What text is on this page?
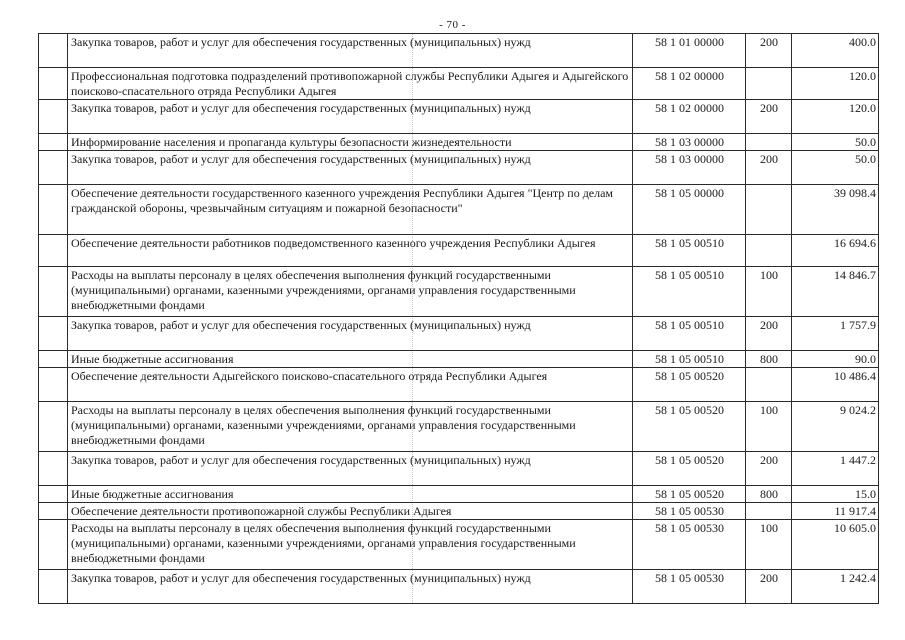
- 70 -
	Закупка товаров, работ и услуг для обеспечения государственных (муниципальных) нужд	58 1 01 00000	200	400.0
	Профессиональная подготовка подразделений противопожарной службы Республики Адыгея и Адыгейского поисково-спасательного отряда Республики Адыгея	58 1 02 00000		120.0
	Закупка товаров, работ и услуг для обеспечения государственных (муниципальных) нужд	58 1 02 00000	200	120.0
	Информирование населения и пропаганда культуры безопасности жизнедеятельности	58 1 03 00000		50.0
	Закупка товаров, работ и услуг для обеспечения государственных (муниципальных) нужд	58 1 03 00000	200	50.0
	Обеспечение деятельности государственного казенного учреждения Республики Адыгея "Центр по делам гражданской обороны, чрезвычайным ситуациям и пожарной безопасности"	58 1 05 00000		39 098.4
	Обеспечение деятельности работников подведомственного казенного учреждения Республики Адыгея	58 1 05 00510		16 694.6
	Расходы на выплаты персоналу в целях обеспечения выполнения функций государственными (муниципальными) органами, казенными учреждениями, органами управления государственными внебюджетными фондами	58 1 05 00510	100	14 846.7
	Закупка товаров, работ и услуг для обеспечения государственных (муниципальных) нужд	58 1 05 00510	200	1 757.9
	Иные бюджетные ассигнования	58 1 05 00510	800	90.0
	Обеспечение деятельности Адыгейского поисково-спасательного отряда Республики Адыгея	58 1 05 00520		10 486.4
	Расходы на выплаты персоналу в целях обеспечения выполнения функций государственными (муниципальными) органами, казенными учреждениями, органами управления государственными внебюджетными фондами	58 1 05 00520	100	9 024.2
	Закупка товаров, работ и услуг для обеспечения государственных (муниципальных) нужд	58 1 05 00520	200	1 447.2
	Иные бюджетные ассигнования	58 1 05 00520	800	15.0
	Обеспечение деятельности противопожарной службы Республики Адыгея	58 1 05 00530		11 917.4
	Расходы на выплаты персоналу в целях обеспечения выполнения функций государственными (муниципальными) органами, казенными учреждениями, органами управления государственными внебюджетными фондами	58 1 05 00530	100	10 605.0
	Закупка товаров, работ и услуг для обеспечения государственных (муниципальных) нужд	58 1 05 00530	200	1 242.4
